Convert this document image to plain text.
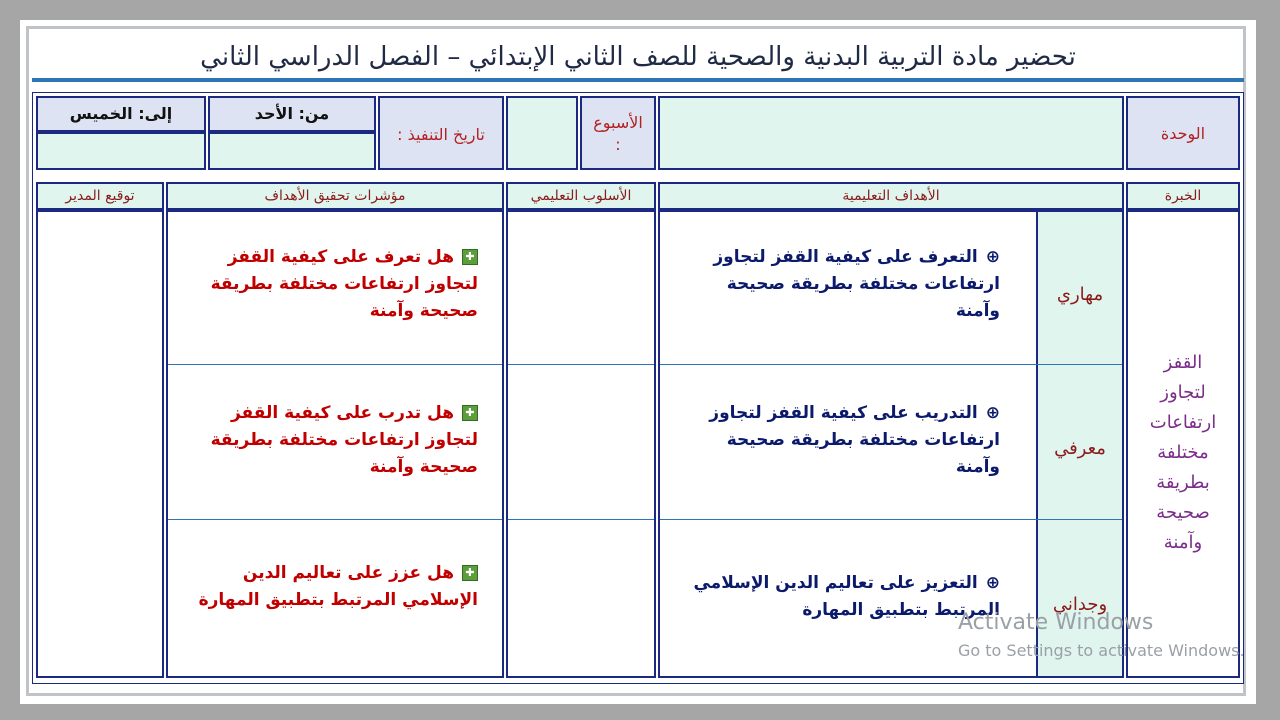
تحضير مادة التربية البدنية والصحية للصف الثاني الإبتدائي – الفصل الدراسي الثاني
الوحدة
الأسبوع
:
تاريخ التنفيذ :
من: الأحد
إلى: الخميس
الخبرة
الأهداف التعليمية
الأسلوب التعليمي
مؤشرات تحقيق الأهداف
توقيع المدير
القفز
لتجاوز
ارتفاعات
مختلفة
بطريقة
صحيحة
وآمنة
مهاري
معرفي
وجداني
⊕التعرف على كيفية القفز لتجاوز ارتفاعات مختلفة بطريقة صحيحة وآمنة
⊕التدريب على كيفية القفز لتجاوز ارتفاعات مختلفة بطريقة صحيحة وآمنة
⊕التعزيز على تعاليم الدين الإسلامي المرتبط بتطبيق المهارة
✚هل تعرف على كيفية القفز لتجاوز ارتفاعات مختلفة بطريقة صحيحة وآمنة
✚هل تدرب على كيفية القفز لتجاوز ارتفاعات مختلفة بطريقة صحيحة وآمنة
✚هل عزز على تعاليم الدين الإسلامي المرتبط بتطبيق المهارة
Activate Windows
Go to Settings to activate Windows.
